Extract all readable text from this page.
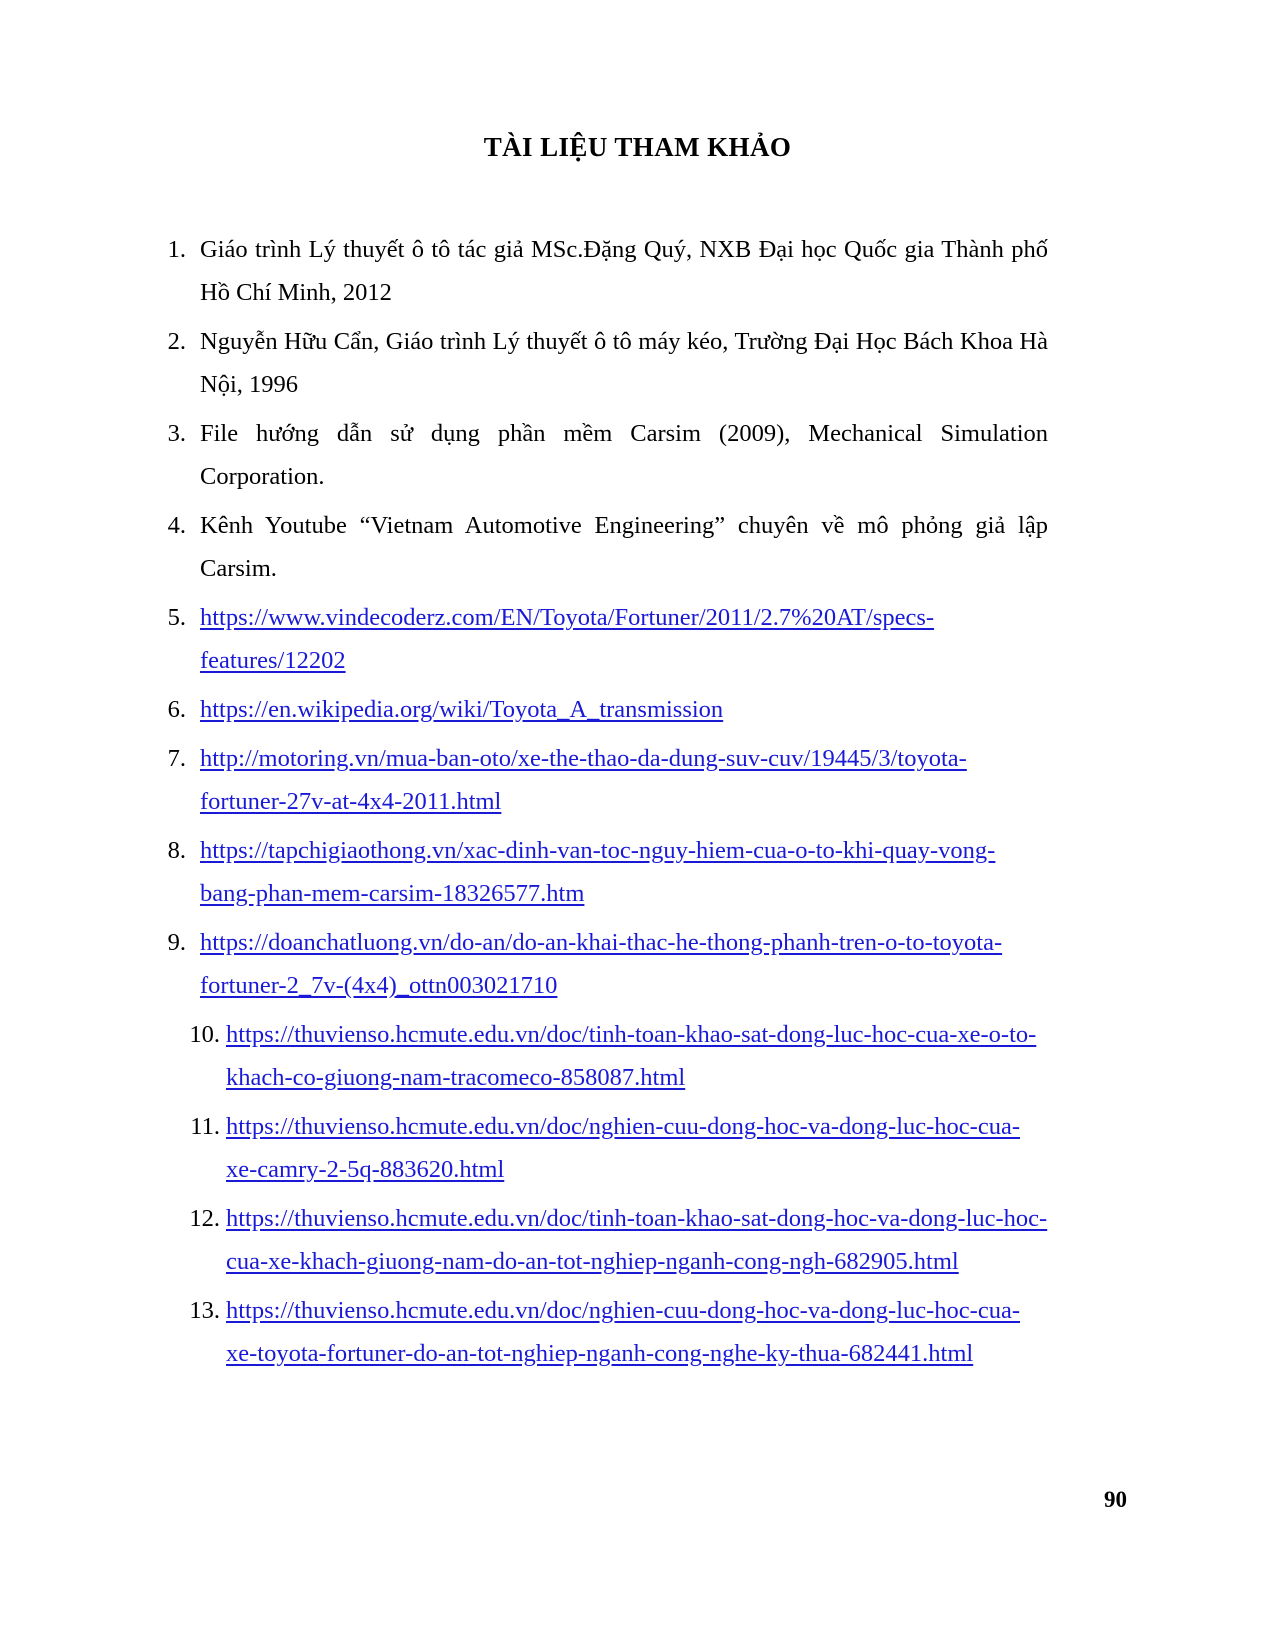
TÀI LIỆU THAM KHẢO
1. Giáo trình Lý thuyết ô tô tác giả MSc.Đặng Quý, NXB Đại học Quốc gia Thành phố Hồ Chí Minh, 2012
2. Nguyễn Hữu Cẩn, Giáo trình Lý thuyết ô tô máy kéo, Trường Đại Học Bách Khoa Hà Nội, 1996
3. File hướng dẫn sử dụng phần mềm Carsim (2009), Mechanical Simulation Corporation.
4. Kênh Youtube “Vietnam Automotive Engineering” chuyên về mô phỏng giả lập Carsim.
5. https://www.vindecoderz.com/EN/Toyota/Fortuner/2011/2.7%20AT/specs-features/12202
6. https://en.wikipedia.org/wiki/Toyota_A_transmission
7. http://motoring.vn/mua-ban-oto/xe-the-thao-da-dung-suv-cuv/19445/3/toyota-fortuner-27v-at-4x4-2011.html
8. https://tapchigiaothong.vn/xac-dinh-van-toc-nguy-hiem-cua-o-to-khi-quay-vong-bang-phan-mem-carsim-18326577.htm
9. https://doanchatluong.vn/do-an/do-an-khai-thac-he-thong-phanh-tren-o-to-toyota-fortuner-2_7v-(4x4)_ottn003021710
10. https://thuvienso.hcmute.edu.vn/doc/tinh-toan-khao-sat-dong-luc-hoc-cua-xe-o-to-khach-co-giuong-nam-tracomeco-858087.html
11. https://thuvienso.hcmute.edu.vn/doc/nghien-cuu-dong-hoc-va-dong-luc-hoc-cua-xe-camry-2-5q-883620.html
12. https://thuvienso.hcmute.edu.vn/doc/tinh-toan-khao-sat-dong-hoc-va-dong-luc-hoc-cua-xe-khach-giuong-nam-do-an-tot-nghiep-nganh-cong-ngh-682905.html
13. https://thuvienso.hcmute.edu.vn/doc/nghien-cuu-dong-hoc-va-dong-luc-hoc-cua-xe-toyota-fortuner-do-an-tot-nghiep-nganh-cong-nghe-ky-thua-682441.html
90
